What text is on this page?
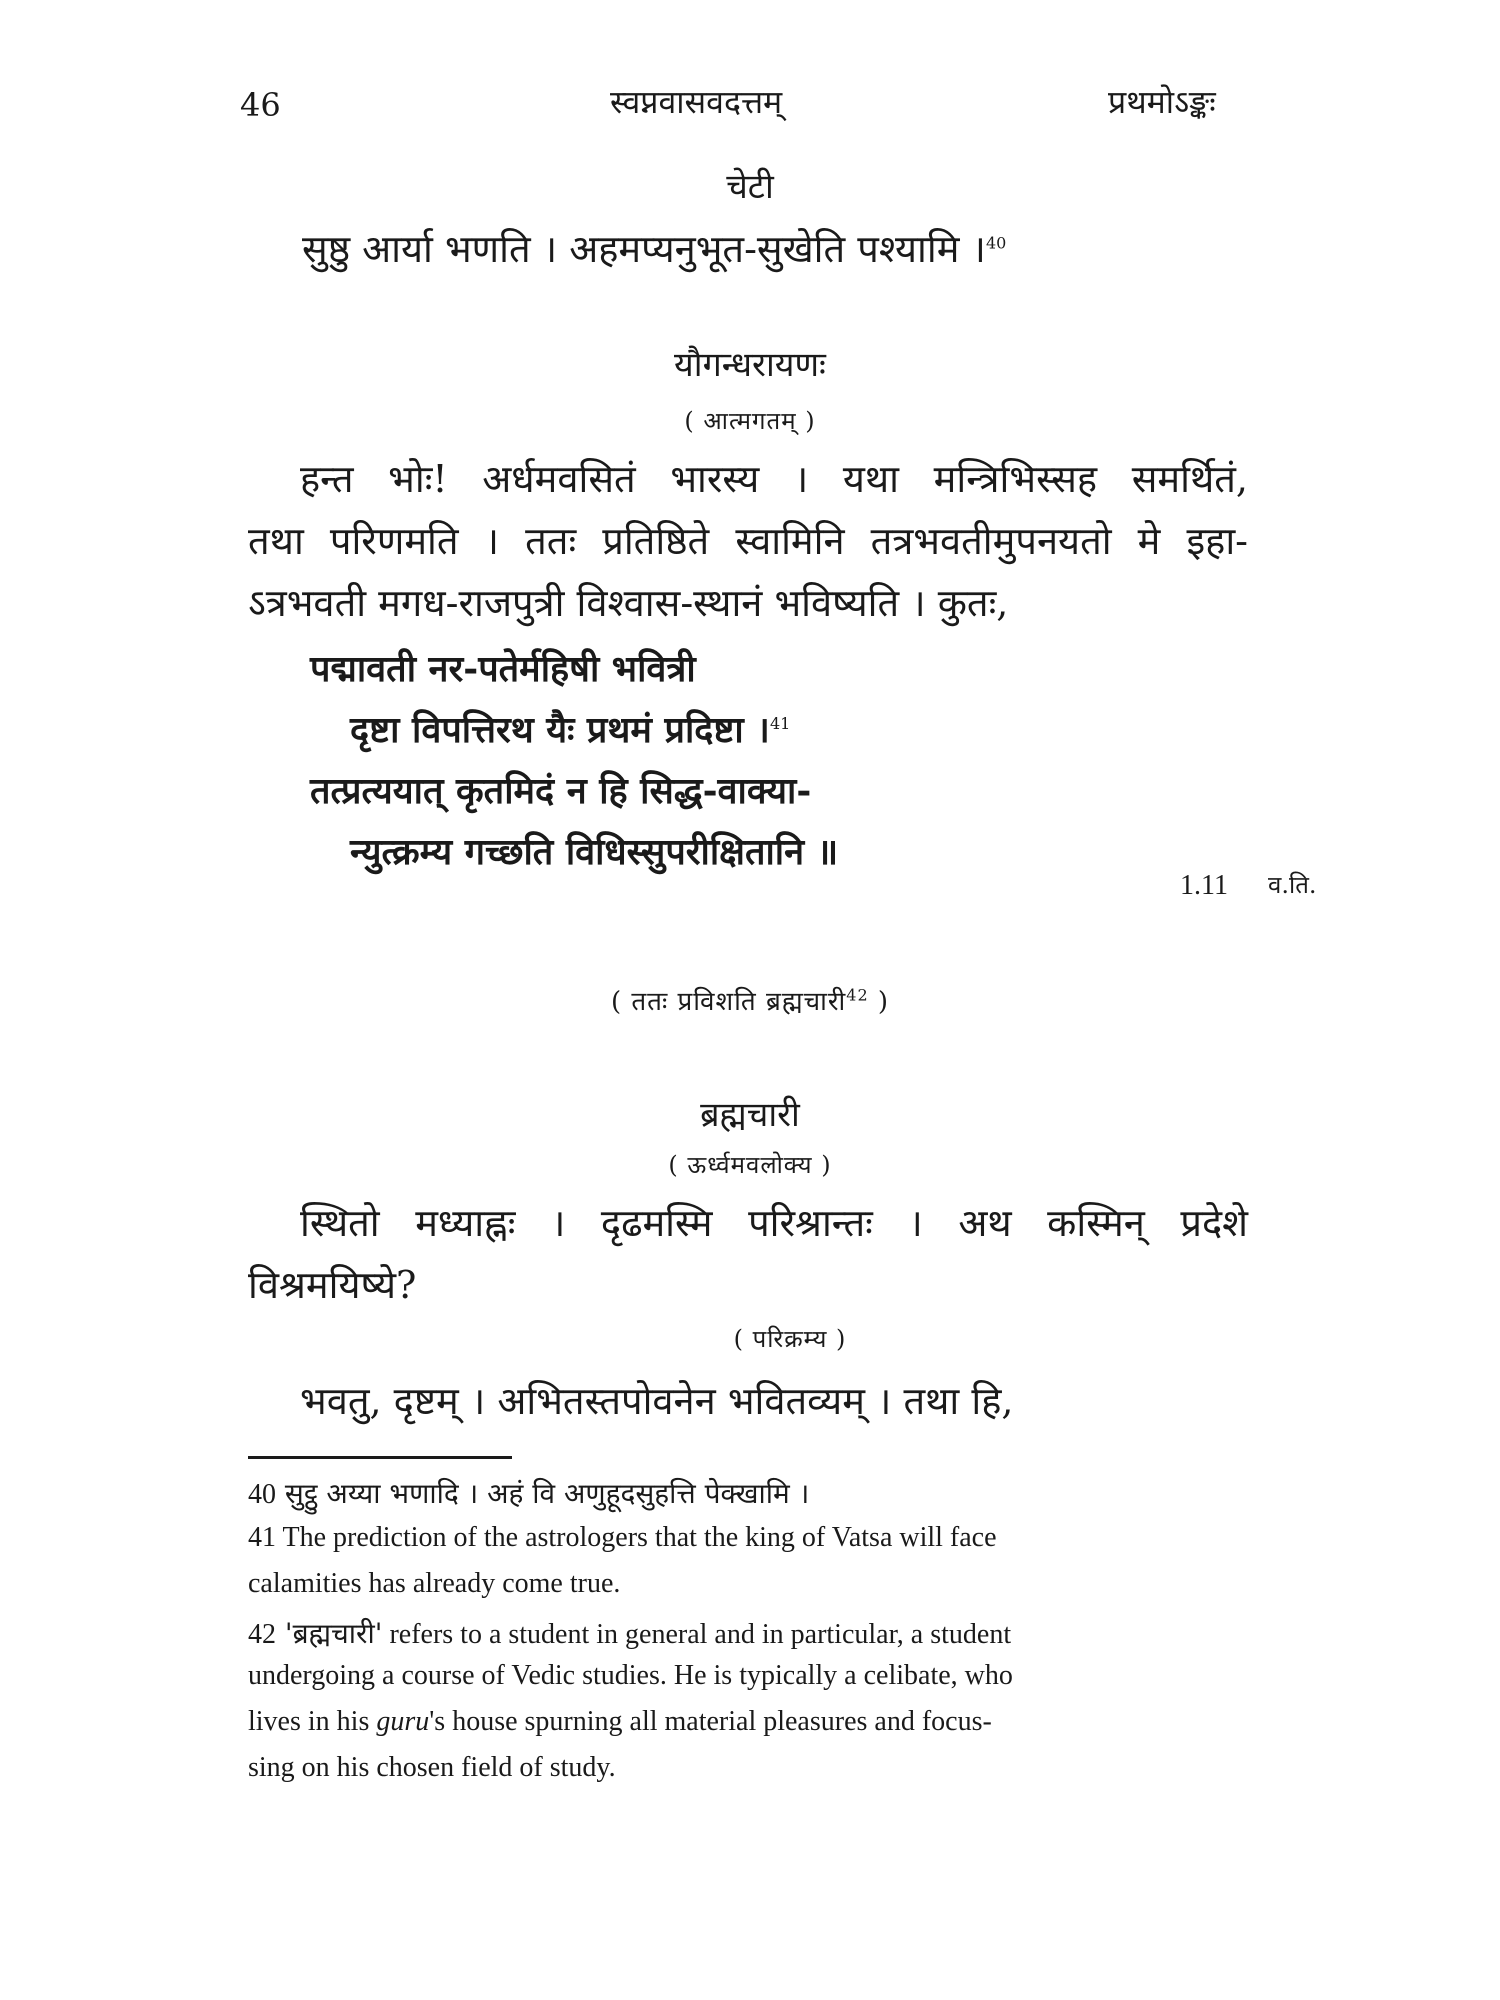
46	स्वप्नवासवदत्तम्	प्रथमोऽङ्कः
चेटी
सुष्ठु आर्या भणति । अहमप्यनुभूत-सुखेति पश्यामि ।$^{40}$
यौगन्धरायणः
( आत्मगतम् )
हन्त भोः! अर्धमवसितं भारस्य । यथा मन्त्रिभिस्सह समर्थितं,
तथा परिणमति । ततः प्रतिष्ठिते स्वामिनि तत्रभवतीमुपनयतो मे इहा-
ऽत्रभवती मगध-राजपुत्री विश्वास-स्थानं भविष्यति । कुतः,
पद्मावती नर-पतेर्महिषी भवित्री
दृष्टा विपत्तिरथ यैः प्रथमं प्रदिष्टा ।$^{41}$
तत्प्रत्ययात् कृतमिदं न हि सिद्ध-वाक्या-
न्युत्क्रम्य गच्छति विधिस्सुपरीक्षितानि ॥
1.11 व.ति.
( ततः प्रविशति ब्रह्मचारी$^{42}$ )
ब्रह्मचारी
( ऊर्ध्वमवलोक्य )
स्थितो मध्याह्नः । दृढमस्मि परिश्रान्तः । अथ कस्मिन् प्रदेशे
विश्रमयिष्ये?
( परिक्रम्य )
भवतु, दृष्टम् । अभितस्तपोवनेन भवितव्यम् । तथा हि,
40 सुट्ठु अय्या भणादि । अहं वि अणुहूदसुहत्ति पेक्खामि ।
41 The prediction of the astrologers that the king of Vatsa will face
calamities has already come true.
42 'ब्रह्मचारी' refers to a student in general and in particular, a student
undergoing a course of Vedic studies. He is typically a celibate, who
lives in his guru's house spurning all material pleasures and focus-
sing on his chosen field of study.
